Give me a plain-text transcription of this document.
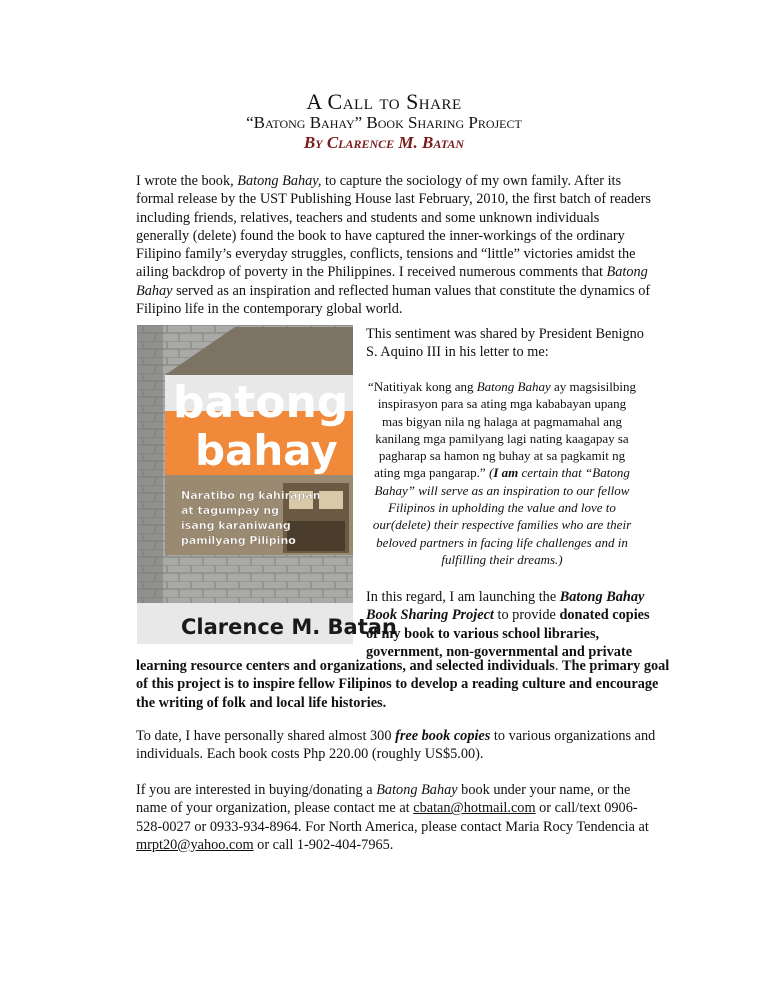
A Call to Share
“Batong Bahay” Book Sharing Project
By Clarence M. Batan

I wrote the book, Batong Bahay, to capture the sociology of my own family. After its formal release by the UST Publishing House last February, 2010, the first batch of readers including friends, relatives, teachers and students and some unknown individuals generally (delete) found the book to have captured the inner-workings of the ordinary Filipino family’s everyday struggles, conflicts, tensions and “little” victories amidst the ailing backdrop of poverty in the Philippines. I received numerous comments that Batong Bahay served as an inspiration and reflected human values that constitute the dynamics of Filipino life in the contemporary global world.

batong
bahay
Naratibo ng kahirapan
at tagumpay ng
isang karaniwang
pamilyang Pilipino
Clarence M. Batan

This sentiment was shared by President Benigno S. Aquino III in his letter to me:

“Natitiyak kong ang Batong Bahay ay magsisilbing inspirasyon para sa ating mga kababayan upang mas bigyan nila ng halaga at pagmamahal ang kanilang mga pamilyang lagi nating kaagapay sa pagharap sa hamon ng buhay at sa pagkamit ng ating mga pangarap.” (I am certain that “Batong Bahay” will serve as an inspiration to our fellow Filipinos in upholding the value and love to our(delete) their respective families who are their beloved partners in facing life challenges and in fulfilling their dreams.)

In this regard, I am launching the Batong Bahay Book Sharing Project to provide donated copies of my book to various school libraries, government, non-governmental and private

learning resource centers and organizations, and selected individuals. The primary goal of this project is to inspire fellow Filipinos to develop a reading culture and encourage the writing of folk and local life histories.

To date, I have personally shared almost 300 free book copies to various organizations and individuals. Each book costs Php 220.00 (roughly US$5.00).

If you are interested in buying/donating a Batong Bahay book under your name, or the name of your organization, please contact me at cbatan@hotmail.com or call/text 0906-528-0027 or 0933-934-8964. For North America, please contact Maria Rocy Tendencia at mrpt20@yahoo.com or call 1-902-404-7965.
